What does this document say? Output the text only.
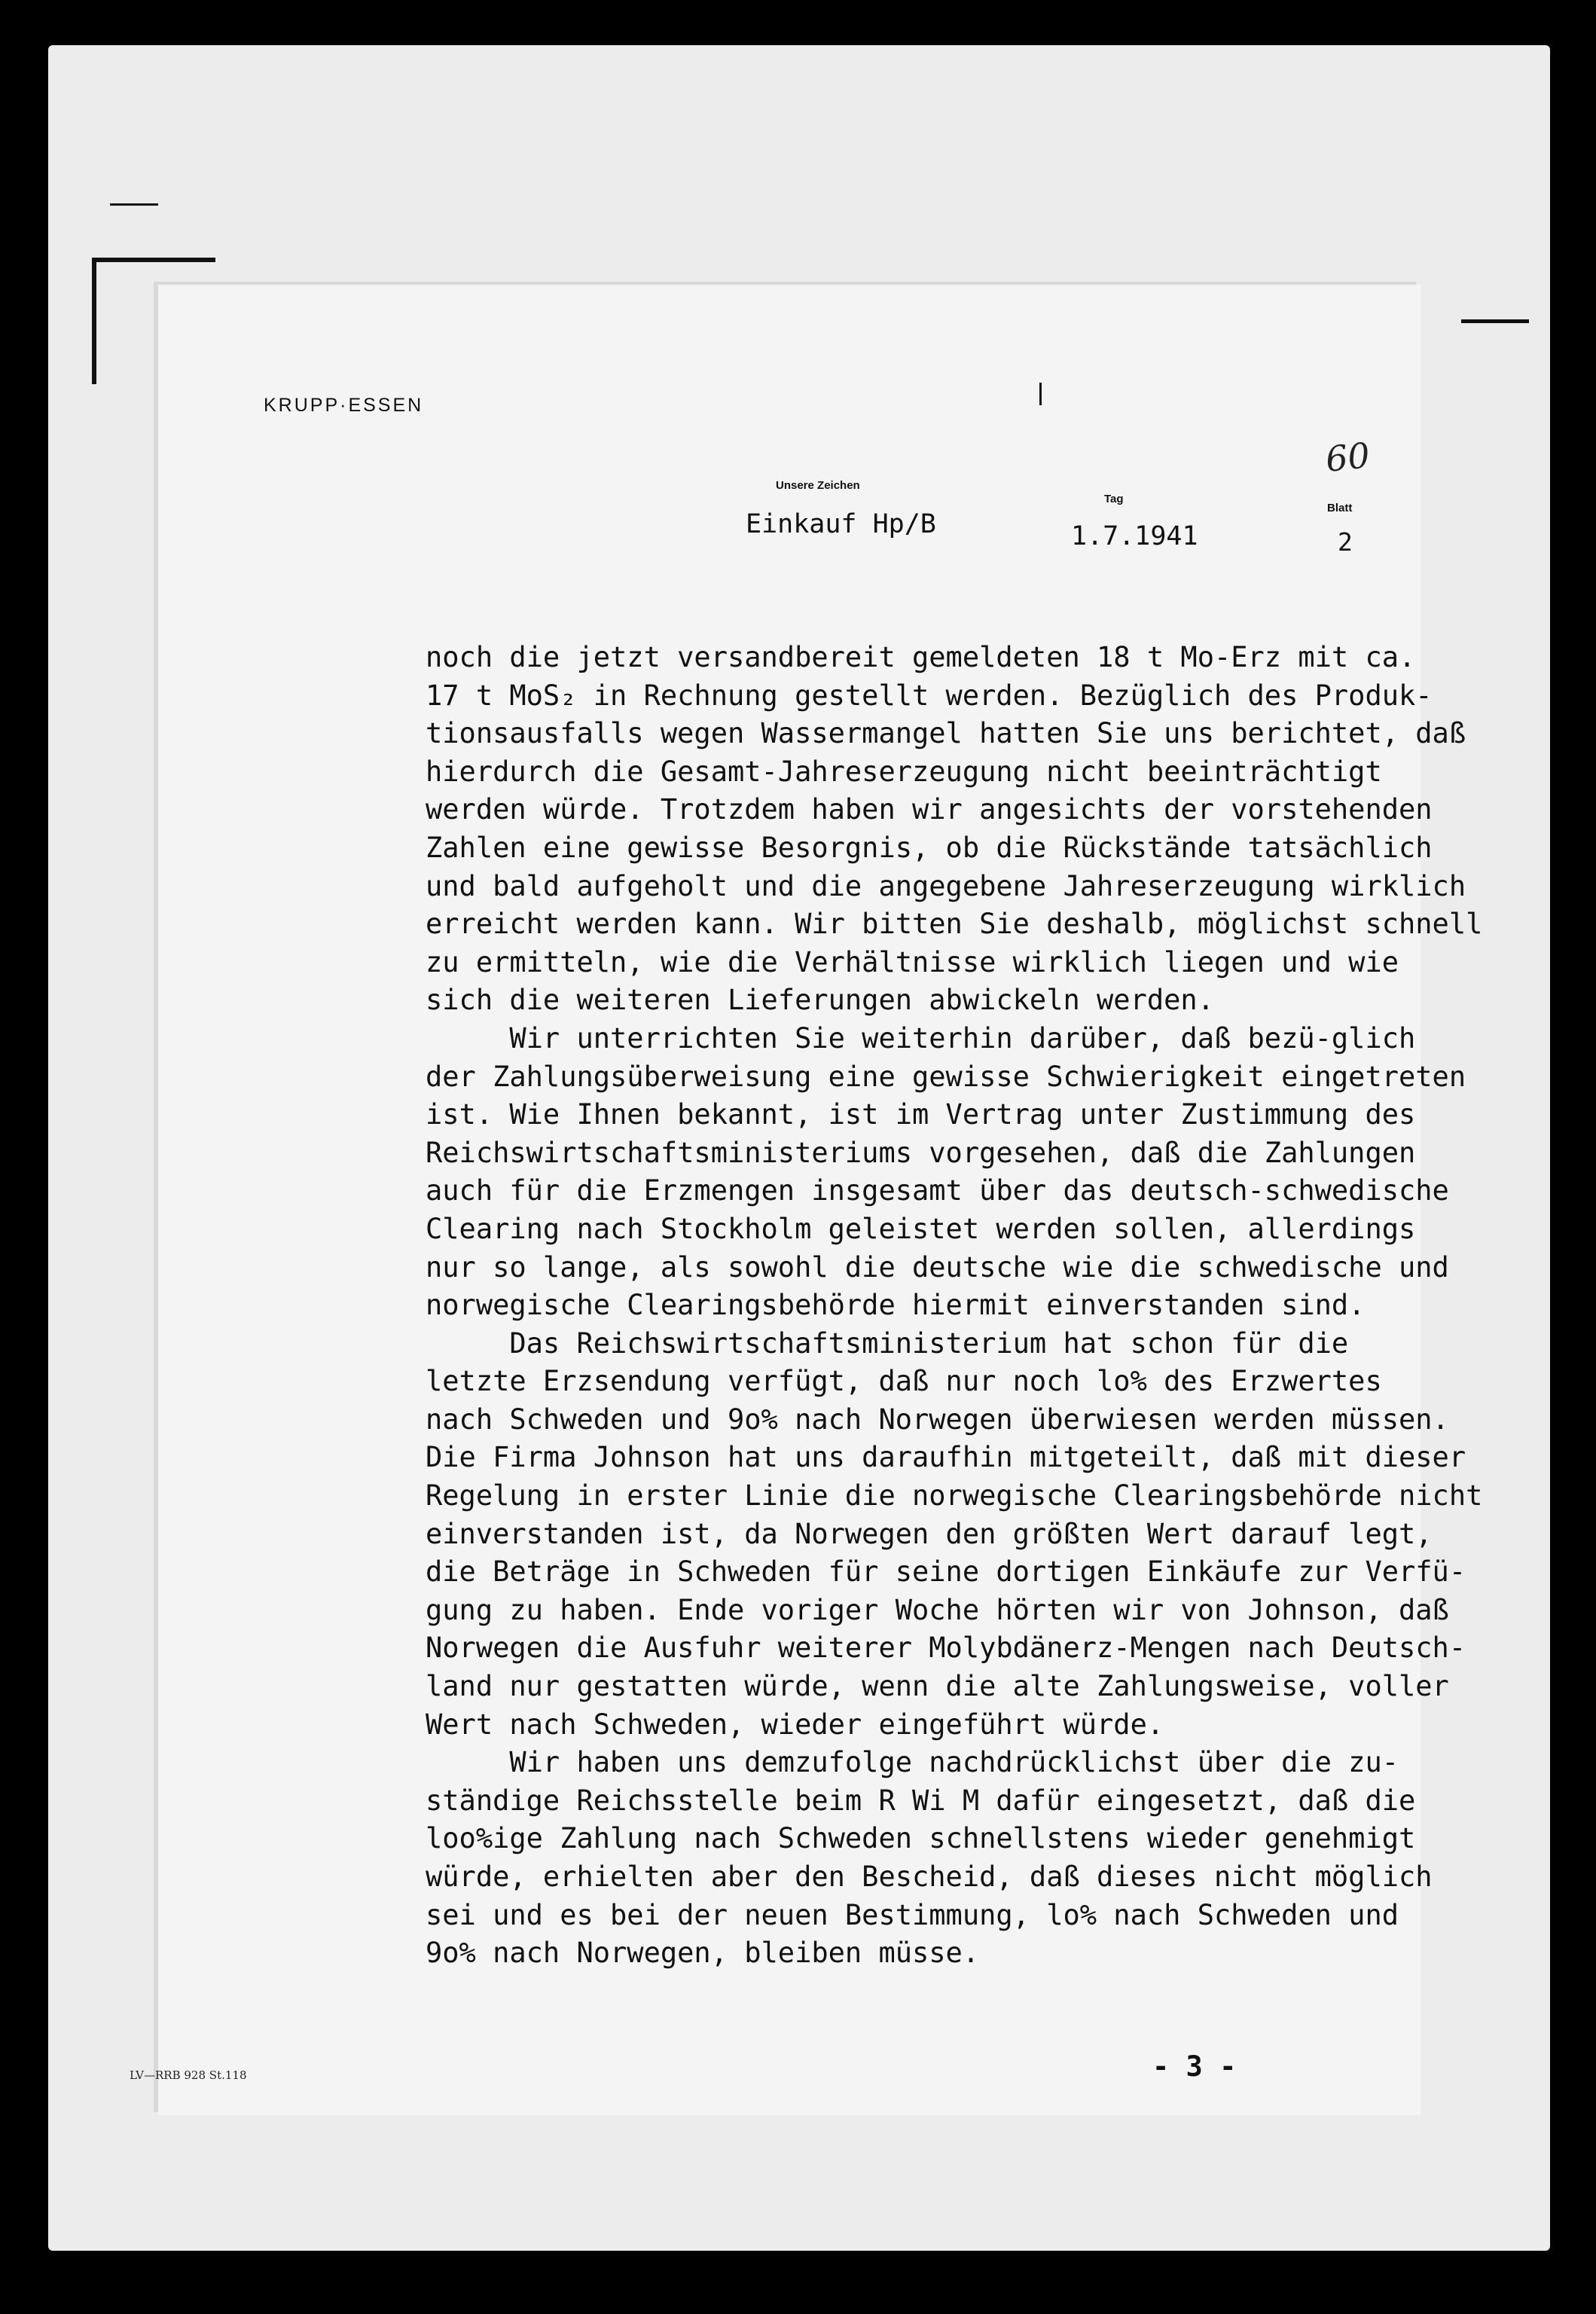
KRUPP·ESSEN
Unsere Zeichen
Einkauf Hp/B
Tag
1.7.1941
Blatt
2
60
noch die jetzt versandbereit gemeldeten 18 t Mo-Erz mit ca.
17 t MoS₂ in Rechnung gestellt werden. Bezüglich des Produk-
tionsausfalls wegen Wassermangel hatten Sie uns berichtet, daß
hierdurch die Gesamt-Jahreserzeugung nicht beeinträchtigt
werden würde. Trotzdem haben wir angesichts der vorstehenden
Zahlen eine gewisse Besorgnis, ob die Rückstände tatsächlich
und bald aufgeholt und die angegebene Jahreserzeugung wirklich
erreicht werden kann. Wir bitten Sie deshalb, möglichst schnell
zu ermitteln, wie die Verhältnisse wirklich liegen und wie
sich die weiteren Lieferungen abwickeln werden.
Wir unterrichten Sie weiterhin darüber, daß bezü-glich
der Zahlungsüberweisung eine gewisse Schwierigkeit eingetreten
ist. Wie Ihnen bekannt, ist im Vertrag unter Zustimmung des
Reichswirtschaftsministeriums vorgesehen, daß die Zahlungen
auch für die Erzmengen insgesamt über das deutsch-schwedische
Clearing nach Stockholm geleistet werden sollen, allerdings
nur so lange, als sowohl die deutsche wie die schwedische und
norwegische Clearingsbehörde hiermit einverstanden sind.
Das Reichswirtschaftsministerium hat schon für die
letzte Erzsendung verfügt, daß nur noch lo% des Erzwertes
nach Schweden und 9o% nach Norwegen überwiesen werden müssen.
Die Firma Johnson hat uns daraufhin mitgeteilt, daß mit dieser
Regelung in erster Linie die norwegische Clearingsbehörde nicht
einverstanden ist, da Norwegen den größten Wert darauf legt,
die Beträge in Schweden für seine dortigen Einkäufe zur Verfü-
gung zu haben. Ende voriger Woche hörten wir von Johnson, daß
Norwegen die Ausfuhr weiterer Molybdänerz-Mengen nach Deutsch-
land nur gestatten würde, wenn die alte Zahlungsweise, voller
Wert nach Schweden, wieder eingeführt würde.
Wir haben uns demzufolge nachdrücklichst über die zu-
ständige Reichsstelle beim R Wi M dafür eingesetzt, daß die
loo%ige Zahlung nach Schweden schnellstens wieder genehmigt
würde, erhielten aber den Bescheid, daß dieses nicht möglich
sei und es bei der neuen Bestimmung, lo% nach Schweden und
9o% nach Norwegen, bleiben müsse.
LV—RRB 928 St.118	- 3 -
